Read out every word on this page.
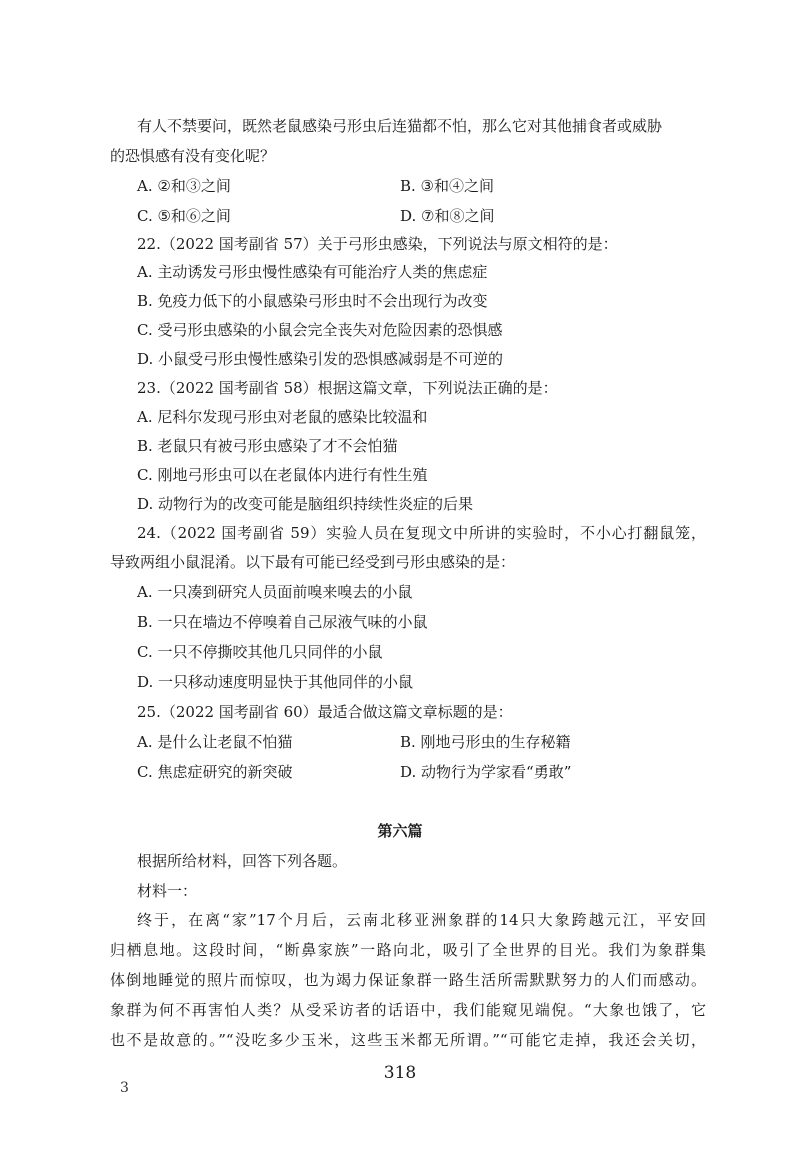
有人不禁要问，既然老鼠感染弓形虫后连猫都不怕，那么它对其他捕食者或威胁
的恐惧感有没有变化呢？
A. ②和③之间	B. ③和④之间
C. ⑤和⑥之间	D. ⑦和⑧之间
22.（2022 国考副省 57）关于弓形虫感染，下列说法与原文相符的是：
A. 主动诱发弓形虫慢性感染有可能治疗人类的焦虑症
B. 免疫力低下的小鼠感染弓形虫时不会出现行为改变
C. 受弓形虫感染的小鼠会完全丧失对危险因素的恐惧感
D. 小鼠受弓形虫慢性感染引发的恐惧感减弱是不可逆的
23.（2022 国考副省 58）根据这篇文章，下列说法正确的是：
A. 尼科尔发现弓形虫对老鼠的感染比较温和
B. 老鼠只有被弓形虫感染了才不会怕猫
C. 刚地弓形虫可以在老鼠体内进行有性生殖
D. 动物行为的改变可能是脑组织持续性炎症的后果
24.（2022 国考副省 59）实验人员在复现文中所讲的实验时，不小心打翻鼠笼，
导致两组小鼠混淆。以下最有可能已经受到弓形虫感染的是：
A. 一只凑到研究人员面前嗅来嗅去的小鼠
B. 一只在墙边不停嗅着自己尿液气味的小鼠
C. 一只不停撕咬其他几只同伴的小鼠
D. 一只移动速度明显快于其他同伴的小鼠
25.（2022 国考副省 60）最适合做这篇文章标题的是：
A. 是什么让老鼠不怕猫	B. 刚地弓形虫的生存秘籍
C. 焦虑症研究的新突破	D. 动物行为学家看“勇敢”
第六篇
根据所给材料，回答下列各题。
材料一：
终于，在离“家”17个月后，云南北移亚洲象群的14只大象跨越元江，平安回
归栖息地。这段时间，“断鼻家族”一路向北，吸引了全世界的目光。我们为象群集
体倒地睡觉的照片而惊叹，也为竭力保证象群一路生活所需默默努力的人们而感动。
象群为何不再害怕人类？从受采访者的话语中，我们能窥见端倪。“大象也饿了，它
也不是故意的。”“没吃多少玉米，这些玉米都无所谓。”“可能它走掉，我还会关切，
318
3
